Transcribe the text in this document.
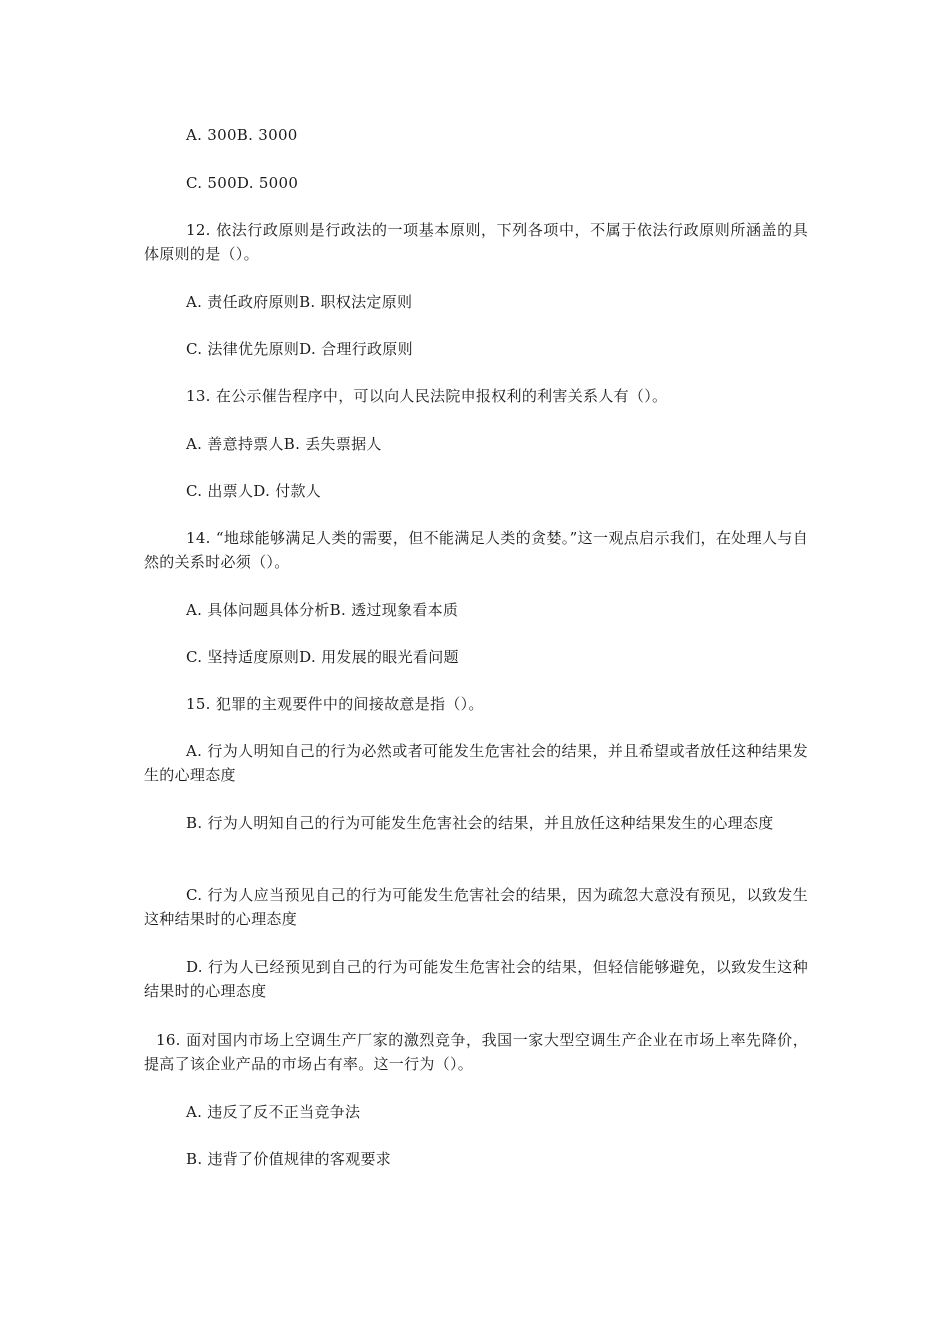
A. 300B. 3000
C. 500D. 5000
12. 依法行政原则是行政法的一项基本原则，下列各项中，不属于依法行政原则所涵盖的具体原则的是（）。
A. 责任政府原则B. 职权法定原则
C. 法律优先原则D. 合理行政原则
13. 在公示催告程序中，可以向人民法院申报权利的利害关系人有（）。
A. 善意持票人B. 丢失票据人
C. 出票人D. 付款人
14. “地球能够满足人类的需要，但不能满足人类的贪婪。”这一观点启示我们，在处理人与自然的关系时必须（）。
A. 具体问题具体分析B. 透过现象看本质
C. 坚持适度原则D. 用发展的眼光看问题
15. 犯罪的主观要件中的间接故意是指（）。
A. 行为人明知自己的行为必然或者可能发生危害社会的结果，并且希望或者放任这种结果发生的心理态度
B. 行为人明知自己的行为可能发生危害社会的结果，并且放任这种结果发生的心理态度
C. 行为人应当预见自己的行为可能发生危害社会的结果，因为疏忽大意没有预见，以致发生这种结果时的心理态度
D. 行为人已经预见到自己的行为可能发生危害社会的结果，但轻信能够避免，以致发生这种结果时的心理态度
16. 面对国内市场上空调生产厂家的激烈竞争，我国一家大型空调生产企业在市场上率先降价，提高了该企业产品的市场占有率。这一行为（）。
A. 违反了反不正当竞争法
B. 违背了价值规律的客观要求
